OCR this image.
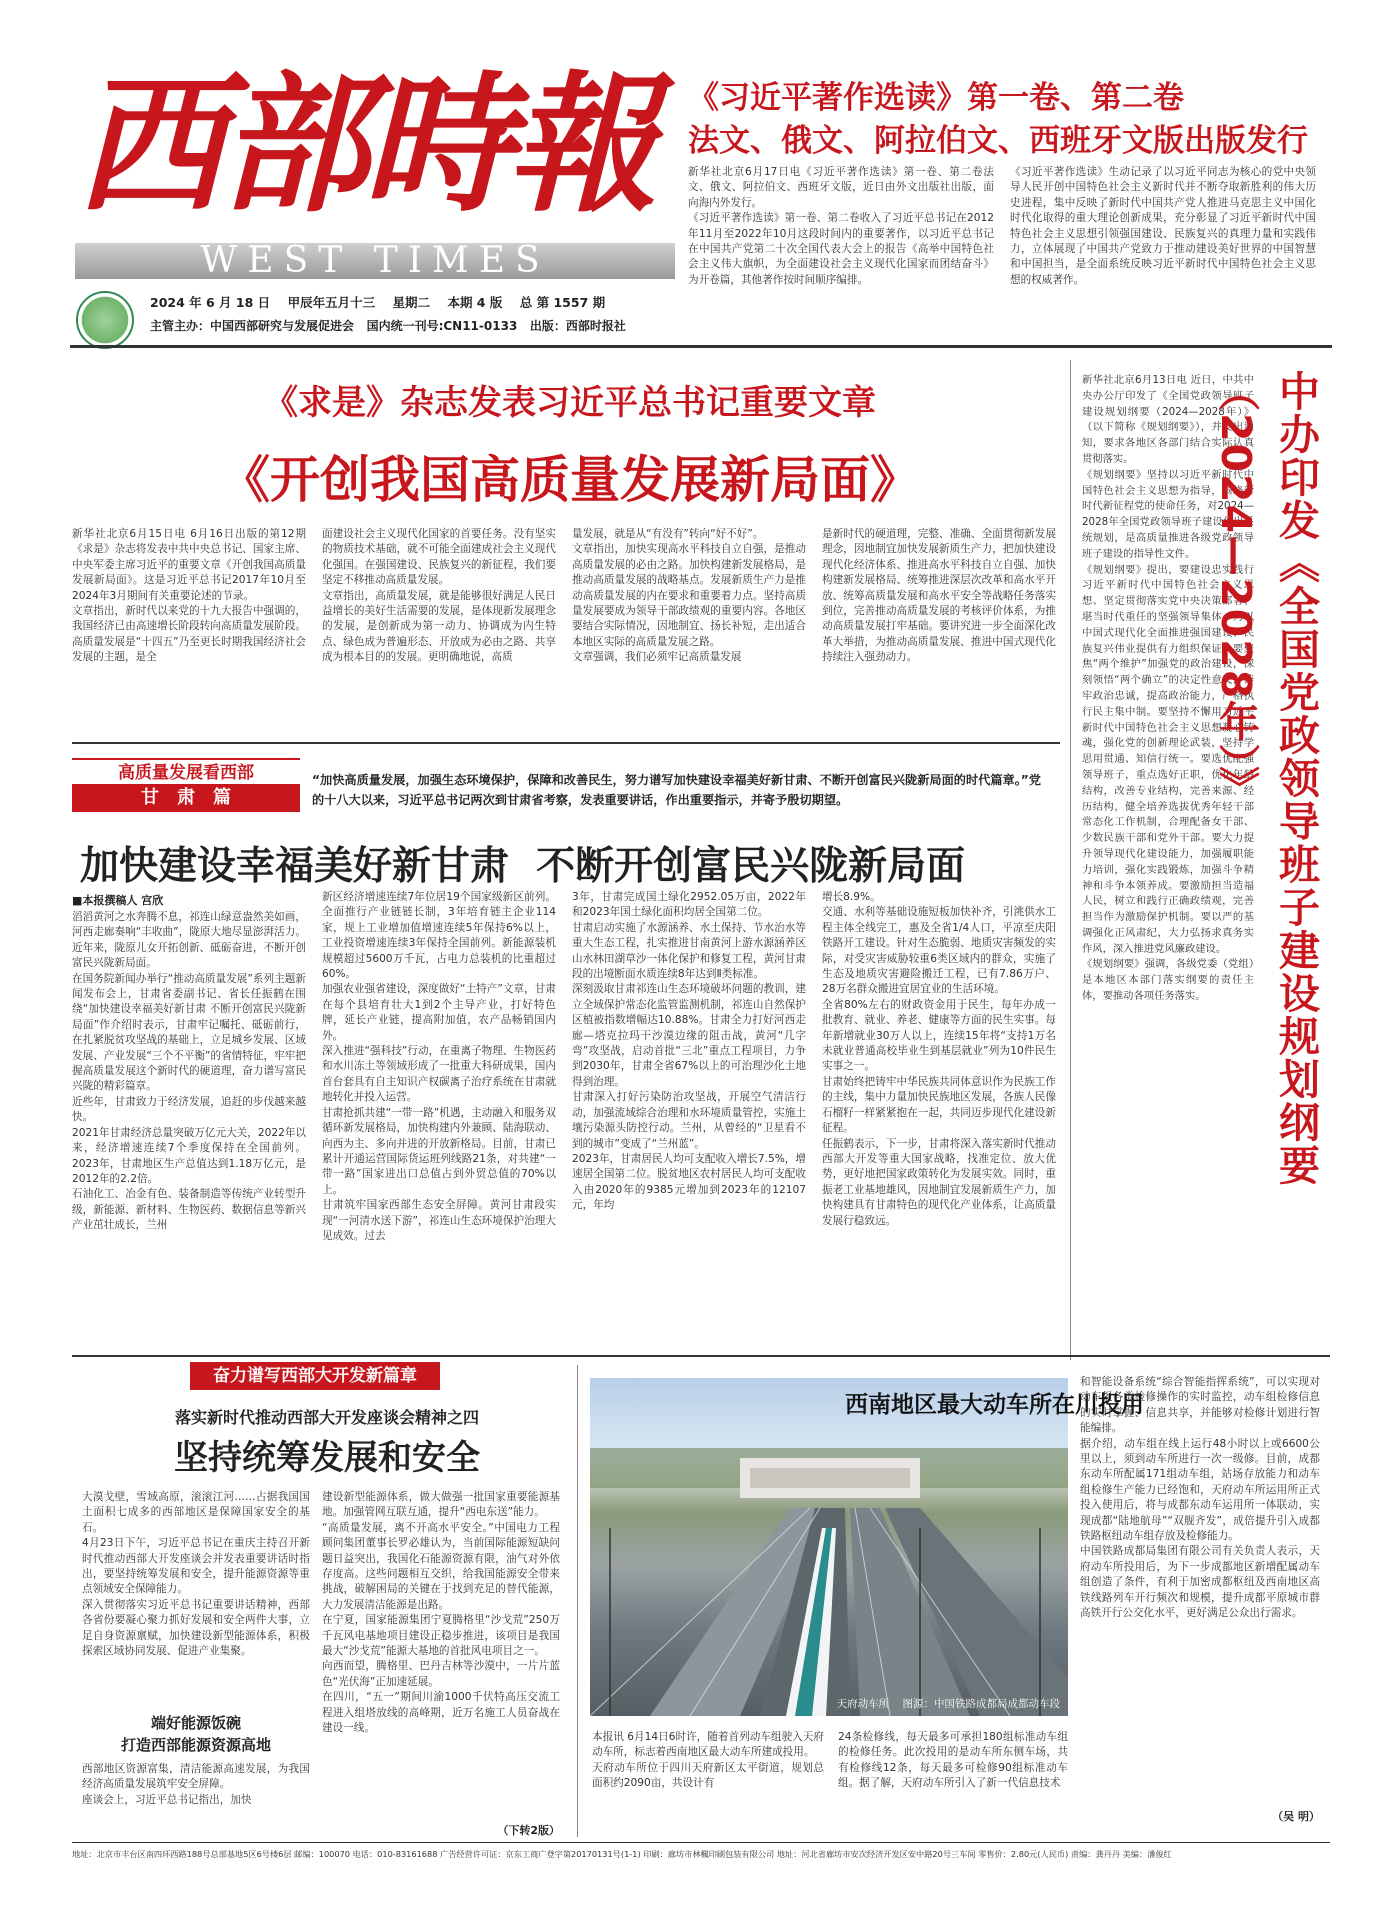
西部時報
WEST TIMES
2024 年 6 月 18 日 甲辰年五月十三 星期二 本期 4 版 总 第 1557 期
主管主办：中国西部研究与发展促进会 国内统一刊号:CN11-0133 出版：西部时报社
《习近平著作选读》第一卷、第二卷
法文、俄文、阿拉伯文、西班牙文版出版发行
新华社北京6月17日电《习近平著作选读》第一卷、第二卷法文、俄文、阿拉伯文、西班牙文版，近日由外文出版社出版，面向海内外发行。
《习近平著作选读》第一卷、第二卷收入了习近平总书记在2012年11月至2022年10月这段时间内的重要著作，以习近平总书记在中国共产党第二十次全国代表大会上的报告《高举中国特色社会主义伟大旗帜，为全面建设社会主义现代化国家而团结奋斗》为开卷篇，其他著作按时间顺序编排。
《习近平著作选读》生动记录了以习近平同志为核心的党中央领导人民开创中国特色社会主义新时代并不断夺取新胜利的伟大历史进程，集中反映了新时代中国共产党人推进马克思主义中国化时代化取得的重大理论创新成果，充分彰显了习近平新时代中国特色社会主义思想引领强国建设、民族复兴的真理力量和实践伟力，立体展现了中国共产党致力于推动建设美好世界的中国智慧和中国担当，是全面系统反映习近平新时代中国特色社会主义思想的权威著作。
《求是》杂志发表习近平总书记重要文章
《开创我国高质量发展新局面》
新华社北京6月15日电 6月16日出版的第12期《求是》杂志将发表中共中央总书记、国家主席、中央军委主席习近平的重要文章《开创我国高质量发展新局面》。这是习近平总书记2017年10月至2024年3月期间有关重要论述的节录。
文章指出，新时代以来党的十九大报告中强调的，我国经济已由高速增长阶段转向高质量发展阶段。高质量发展是“十四五”乃至更长时期我国经济社会发展的主题，是全
面建设社会主义现代化国家的首要任务。没有坚实的物质技术基础，就不可能全面建成社会主义现代化强国。在强国建设、民族复兴的新征程，我们要坚定不移推动高质量发展。
文章指出，高质量发展，就是能够很好满足人民日益增长的美好生活需要的发展，是体现新发展理念的发展，是创新成为第一动力、协调成为内生特点、绿色成为普遍形态、开放成为必由之路、共享成为根本目的的发展。更明确地说，高质
量发展，就是从“有没有”转向“好不好”。
文章指出，加快实现高水平科技自立自强，是推动高质量发展的必由之路。加快构建新发展格局，是推动高质量发展的战略基点。发展新质生产力是推动高质量发展的内在要求和重要着力点。坚持高质量发展要成为领导干部政绩观的重要内容。各地区要结合实际情况，因地制宜、扬长补短，走出适合本地区实际的高质量发展之路。
文章强调，我们必须牢记高质量发展
是新时代的硬道理，完整、准确、全面贯彻新发展理念，因地制宜加快发展新质生产力，把加快建设现代化经济体系、推进高水平科技自立自强、加快构建新发展格局、统筹推进深层次改革和高水平开放、统筹高质量发展和高水平安全等战略任务落实到位，完善推动高质量发展的考核评价体系，为推动高质量发展打牢基础。要讲究进一步全面深化改革大举措，为推动高质量发展、推进中国式现代化持续注入强劲动力。
新华社北京6月13日电 近日，中共中央办公厅印发了《全国党政领导班子建设规划纲要（2024—2028年）》（以下简称《规划纲要》），并发出通知，要求各地区各部门结合实际认真贯彻落实。
《规划纲要》坚持以习近平新时代中国特色社会主义思想为指导，围绕新时代新征程党的使命任务，对2024—2028年全国党政领导班子建设作出系统规划，是高质量推进各级党政领导班子建设的指导性文件。
《规划纲要》提出，要建设忠实践行习近平新时代中国特色社会主义思想、坚定贯彻落实党中央决策部署、堪当时代重任的坚强领导集体，为以中国式现代化全面推进强国建设、民族复兴伟业提供有力组织保证。要聚焦“两个维护”加强党的政治建设，深刻领悟“两个确立”的决定性意义，铸牢政治忠诚，提高政治能力，严格执行民主集中制。要坚持不懈用习近平新时代中国特色社会主义思想凝心铸魂，强化党的创新理论武装，坚持学思用贯通、知信行统一。要选优配强领导班子，重点选好正职，优化年龄结构，改善专业结构，完善来源、经历结构，健全培养选拔优秀年轻干部常态化工作机制，合理配备女干部、少数民族干部和党外干部。要大力提升领导现代化建设能力，加强履职能力培训，强化实践锻炼，加强斗争精神和斗争本领养成。要激励担当造福人民，树立和践行正确政绩观，完善担当作为激励保护机制。要以严的基调强化正风肃纪，大力弘扬求真务实作风，深入推进党风廉政建设。
《规划纲要》强调，各级党委（党组）是本地区本部门落实纲要的责任主体，要推动各项任务落实。	中办印发《全国党政领导班子建设规划纲要（2024—2028年）》
高质量发展看西部
甘　肃　篇
“加快高质量发展，加强生态环境保护，保障和改善民生，努力谱写加快建设幸福美好新甘肃、不断开创富民兴陇新局面的时代篇章。”党的十八大以来，习近平总书记两次到甘肃省考察，发表重要讲话，作出重要指示，并寄予殷切期望。
加快建设幸福美好新甘肃  不断开创富民兴陇新局面
■本报撰稿人 宫欣
滔滔黄河之水奔腾不息，祁连山绿意盎然美如画，河西走廊奏响“丰收曲”，陇原大地尽显澎湃活力。近年来，陇原儿女开拓创新、砥砺奋进，不断开创富民兴陇新局面。
在国务院新闻办举行“推动高质量发展”系列主题新闻发布会上，甘肃省委副书记、省长任振鹤在围绕“加快建设幸福美好新甘肃 不断开创富民兴陇新局面”作介绍时表示，甘肃牢记嘱托、砥砺前行，在扎紧脱贫攻坚战的基础上，立足城乡发展、区域发展、产业发展“三个不平衡”的省情特征，牢牢把握高质量发展这个新时代的硬道理，奋力谱写富民兴陇的精彩篇章。
近些年，甘肃致力于经济发展，追赶的步伐越来越快。
2021年甘肃经济总量突破万亿元大关，2022年以来，经济增速连续7个季度保持在全国前列。2023年，甘肃地区生产总值达到1.18万亿元，是2012年的2.2倍。
石油化工、冶金有色、装备制造等传统产业转型升级，新能源、新材料、生物医药、数据信息等新兴产业茁壮成长，兰州
新区经济增速连续7年位居19个国家级新区前列。全面推行产业链链长制，3年培育链主企业114家，规上工业增加值增速连续5年保持6%以上，工业投资增速连续3年保持全国前列。新能源装机规模超过5600万千瓦，占电力总装机的比重超过60%。
加强农业强省建设，深度做好“土特产”文章，甘肃在每个县培育壮大1到2个主导产业，打好特色牌，延长产业链，提高附加值，农产品畅销国内外。
深入推进“强科技”行动，在重离子物理、生物医药和水川冻土等领域形成了一批重大科研成果，国内首台套具有自主知识产权碳离子治疗系统在甘肃就地转化并投入运营。
甘肃抢抓共建“一带一路”机遇，主动融入和服务双循环新发展格局，加快构建内外兼顾、陆海联动、向西为主、多向并进的开放新格局。目前，甘肃已累计开通运营国际货运班列线路21条，对共建“一带一路”国家进出口总值占到外贸总值的70%以上。
甘肃筑牢国家西部生态安全屏障。黄河甘肃段实现“一河清水送下游”，祁连山生态环境保护治理大见成效。过去
3年，甘肃完成国土绿化2952.05万亩，2022年和2023年国土绿化面积均居全国第二位。
甘肃启动实施了水源涵养、水土保持、节水治水等重大生态工程，扎实推进甘南黄河上游水源涵养区山水林田湖草沙一体化保护和修复工程，黄河甘肃段的出境断面水质连续8年达到Ⅱ类标准。
深刻汲取甘肃祁连山生态环境破坏问题的教训，建立全域保护常态化监管监测机制，祁连山自然保护区植被指数增幅达10.88%。甘肃全力打好河西走廊—塔克拉玛干沙漠边缘的阻击战，黄河“几字弯”攻坚战，启动首批“三北”重点工程项目，力争到2030年，甘肃全省67%以上的可治理沙化土地得到治理。
甘肃深入打好污染防治攻坚战，开展空气清洁行动，加强流域综合治理和水环境质量管控，实施土壤污染源头防控行动。兰州，从曾经的“卫星看不到的城市”变成了“兰州蓝”。
2023年，甘肃居民人均可支配收入增长7.5%，增速居全国第二位。脱贫地区农村居民人均可支配收入由2020年的9385元增加到2023年的12107元，年均
增长8.9%。
交通、水利等基础设施短板加快补齐，引洮供水工程主体全线完工，惠及全省1/4人口，平凉至庆阳铁路开工建设。针对生态脆弱、地质灾害频发的实际，对受灾害威胁较重6类区域内的群众，实施了生态及地质灾害避险搬迁工程，已有7.86万户、28万名群众搬进宜居宜业的生活环境。
全省80%左右的财政资金用于民生，每年办成一批教育、就业、养老、健康等方面的民生实事。每年新增就业30万人以上，连续15年将“支持1万名未就业普通高校毕业生到基层就业”列为10件民生实事之一。
甘肃始终把铸牢中华民族共同体意识作为民族工作的主线，集中力量加快民族地区发展，各族人民像石榴籽一样紧紧抱在一起，共同迈步现代化建设新征程。
任振鹤表示，下一步，甘肃将深入落实新时代推动西部大开发等重大国家战略，找准定位、放大优势，更好地把国家政策转化为发展实效。同时，重振老工业基地雄风，因地制宜发展新质生产力，加快构建具有甘肃特色的现代化产业体系，让高质量发展行稳致远。
奋力谱写西部大开发新篇章
落实新时代推动西部大开发座谈会精神之四
坚持统筹发展和安全
大漠戈壁，雪域高原，滚滚江河……占据我国国土面积七成多的西部地区是保障国家安全的基石。
4月23日下午，习近平总书记在重庆主持召开新时代推动西部大开发座谈会并发表重要讲话时指出，要坚持统筹发展和安全，提升能源资源等重点领域安全保障能力。
深入贯彻落实习近平总书记重要讲话精神，西部各省份要凝心聚力抓好发展和安全两件大事，立足自身资源禀赋，加快建设新型能源体系，积极探索区域协同发展、促进产业集聚。
端好能源饭碗
打造西部能源资源高地
西部地区资源富集，清洁能源高速发展，为我国经济高质量发展筑牢安全屏障。
座谈会上，习近平总书记指出，加快
建设新型能源体系，做大做强一批国家重要能源基地。加强管网互联互通，提升“西电东送”能力。
“高质量发展，离不开高水平安全。”中国电力工程顾问集团董事长罗必雄认为，当前国际能源短缺问题日益突出，我国化石能源资源有限，油气对外依存度高。这些问题相互交织，给我国能源安全带来挑战，破解困局的关键在于找到充足的替代能源，大力发展清洁能源是出路。
在宁夏，国家能源集团宁夏腾格里“沙戈荒”250万千瓦风电基地项目建设正稳步推进，该项目是我国最大“沙戈荒”能源大基地的首批风电项目之一。
向西而望，腾格里、巴丹吉林等沙漠中，一片片蓝色“光伏海”正加速延展。
在四川，“五一”期间川渝1000千伏特高压交流工程进入组塔放线的高峰期，近万名施工人员奋战在建设一线。
（下转2版）
西南地区最大动车所在川投用
天府动车所    图源：中国铁路成都局成都动车段
本报讯 6月14日6时许，随着首列动车组驶入天府动车所，标志着西南地区最大动车所建成投用。
天府动车所位于四川天府新区太平街道，规划总面积约2090亩，共设计有
24条检修线，每天最多可承担180组标准动车组的检修任务。此次投用的是动车所东侧车场，共有检修线12条，每天最多可检修90组标准动车组。据了解，天府动车所引入了新一代信息技术
和智能设备系统“综合智能指挥系统”，可以实现对动车组各类检修操作的实时监控，动车组检修信息的实时掌握、信息共享，并能够对检修计划进行智能编排。
据介绍，动车组在线上运行48小时以上或6600公里以上，须到动车所进行一次一级修。目前，成都东动车所配属171组动车组，站场存放能力和动车组检修生产能力已经饱和，天府动车所运用所正式投入使用后，将与成都东动车运用所一体联动，实现成都“陆地航母”“双舰齐发”，成倍提升引入成都铁路枢纽动车组存放及检修能力。
中国铁路成都局集团有限公司有关负责人表示，天府动车所投用后，为下一步成都地区新增配属动车组创造了条件，有利于加密成都枢纽及西南地区高铁线路列车开行频次和规模，提升成都平原城市群高铁开行公交化水平，更好满足公众出行需求。
（吴 明）
地址：北京市丰台区南四环西路188号总部基地5区6号楼6层 邮编：100070 电话：010-83161688 广告经营许可证：京东工商广登字第20170131号(1-1) 印刷：廊坊市林楓印刷包装有限公司 地址：河北省廊坊市安次经济开发区安中路20号三车间 零售价：2.80元(人民币) 责编：龚丹丹 美编：潘俊红
